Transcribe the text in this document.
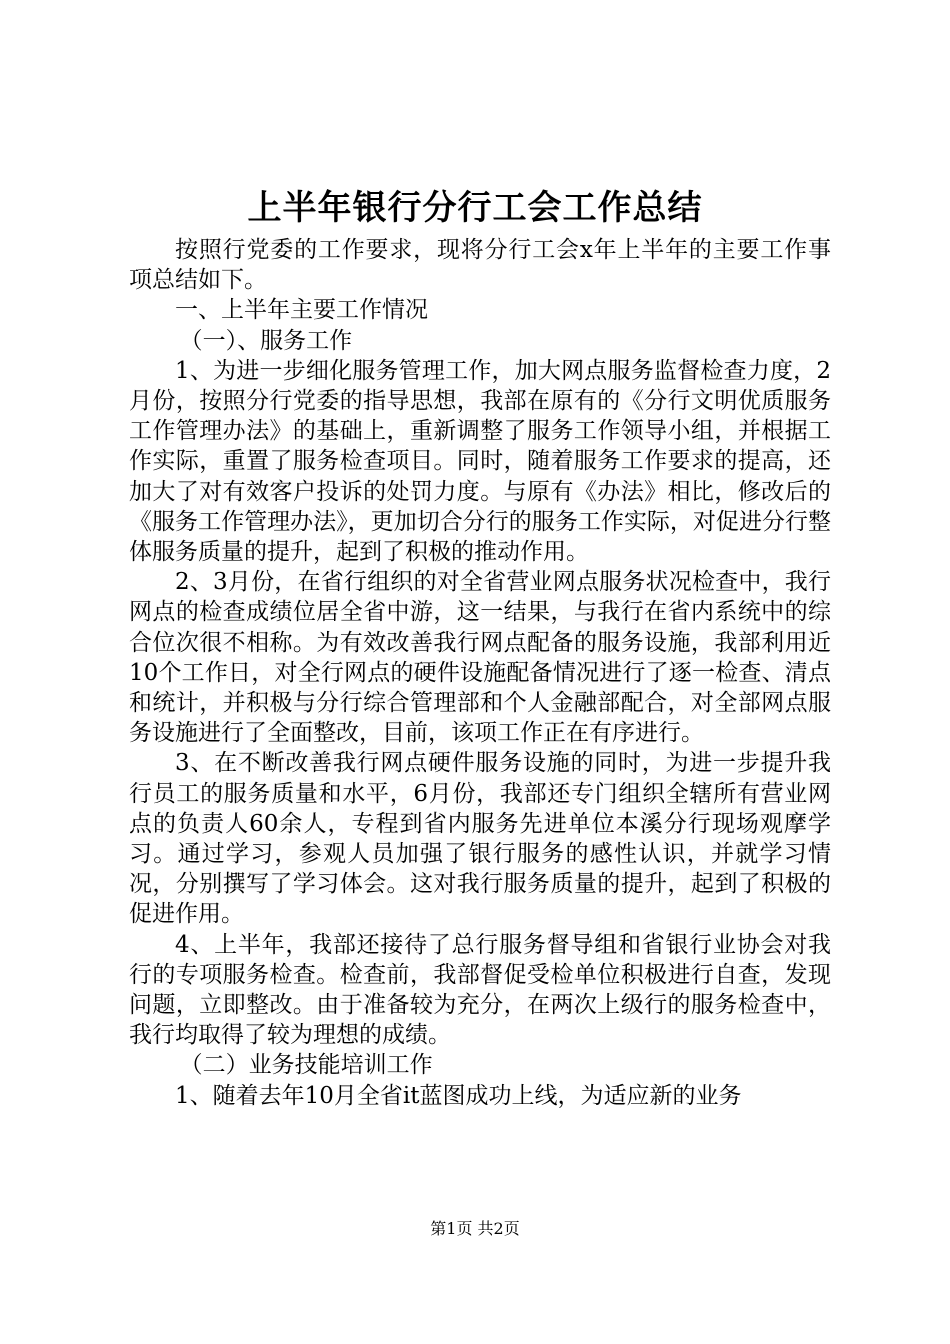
上半年银行分行工会工作总结

按照行党委的工作要求，现将分行工会x年上半年的主要工作事项总结如下。

一、上半年主要工作情况

（一）、服务工作

1、为进一步细化服务管理工作，加大网点服务监督检查力度，2月份，按照分行党委的指导思想，我部在原有的《分行文明优质服务工作管理办法》的基础上，重新调整了服务工作领导小组，并根据工作实际，重置了服务检查项目。同时，随着服务工作要求的提高，还加大了对有效客户投诉的处罚力度。与原有《办法》相比，修改后的《服务工作管理办法》，更加切合分行的服务工作实际，对促进分行整体服务质量的提升，起到了积极的推动作用。

2、3月份，在省行组织的对全省营业网点服务状况检查中，我行网点的检查成绩位居全省中游，这一结果，与我行在省内系统中的综合位次很不相称。为有效改善我行网点配备的服务设施，我部利用近10个工作日，对全行网点的硬件设施配备情况进行了逐一检查、清点和统计，并积极与分行综合管理部和个人金融部配合，对全部网点服务设施进行了全面整改，目前，该项工作正在有序进行。

3、在不断改善我行网点硬件服务设施的同时，为进一步提升我行员工的服务质量和水平，6月份，我部还专门组织全辖所有营业网点的负责人60余人，专程到省内服务先进单位本溪分行现场观摩学习。通过学习，参观人员加强了银行服务的感性认识，并就学习情况，分别撰写了学习体会。这对我行服务质量的提升，起到了积极的促进作用。

4、上半年，我部还接待了总行服务督导组和省银行业协会对我行的专项服务检查。检查前，我部督促受检单位积极进行自查，发现问题，立即整改。由于准备较为充分，在两次上级行的服务检查中，我行均取得了较为理想的成绩。

（二）业务技能培训工作

1、随着去年10月全省it蓝图成功上线，为适应新的业务

第1页 共2页
